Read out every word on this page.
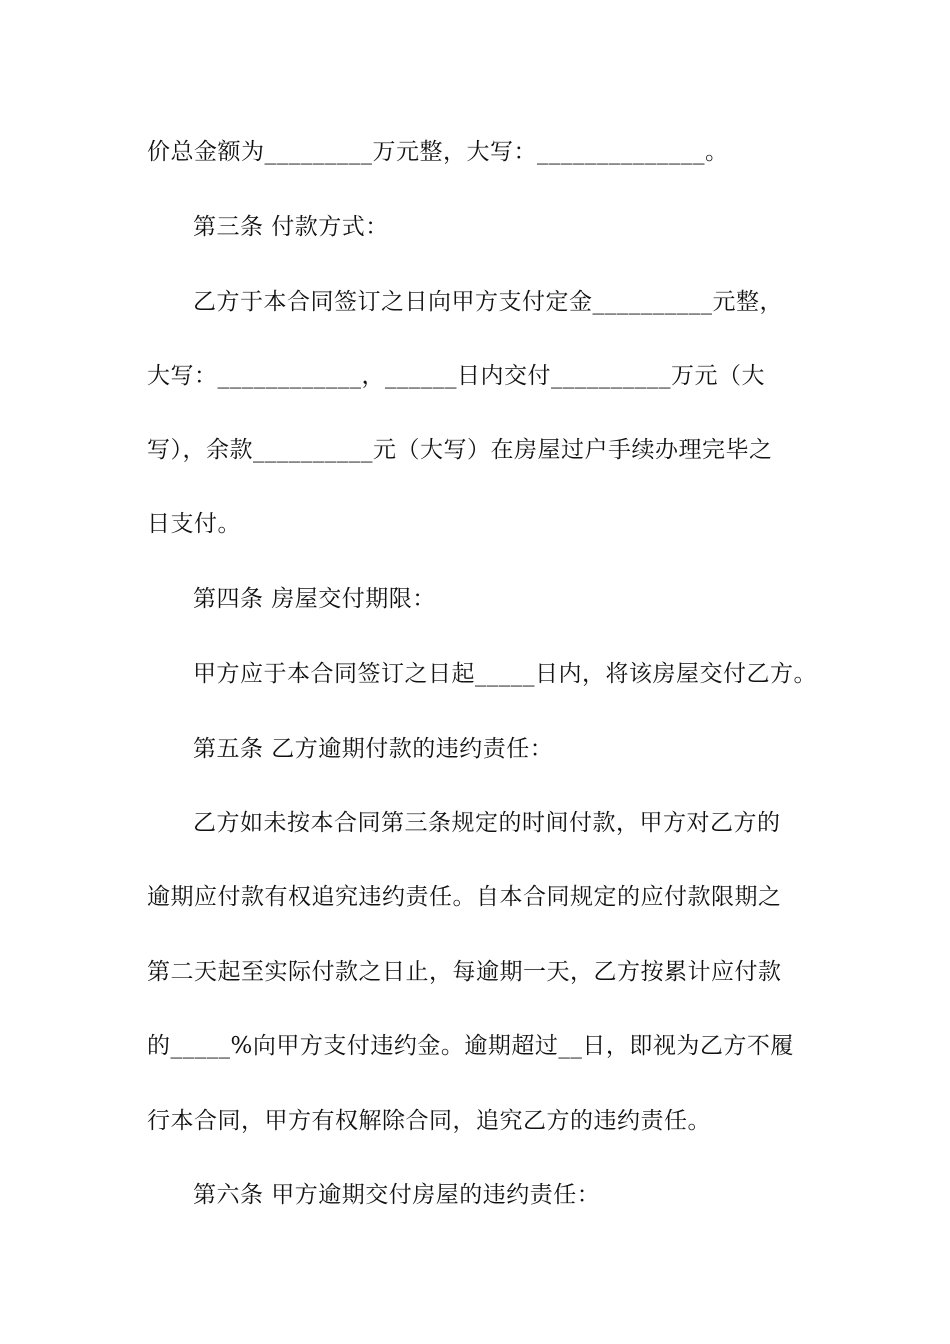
价总金额为_________万元整，大写：______________。
第三条 付款方式：
乙方于本合同签订之日向甲方支付定金__________元整，
大写：____________，______日内交付__________万元（大
写），余款__________元（大写）在房屋过户手续办理完毕之
日支付。
第四条 房屋交付期限：
甲方应于本合同签订之日起_____日内，将该房屋交付乙方。
第五条 乙方逾期付款的违约责任：
乙方如未按本合同第三条规定的时间付款，甲方对乙方的
逾期应付款有权追究违约责任。自本合同规定的应付款限期之
第二天起至实际付款之日止，每逾期一天，乙方按累计应付款
的_____%向甲方支付违约金。逾期超过__日，即视为乙方不履
行本合同，甲方有权解除合同，追究乙方的违约责任。
第六条 甲方逾期交付房屋的违约责任：
